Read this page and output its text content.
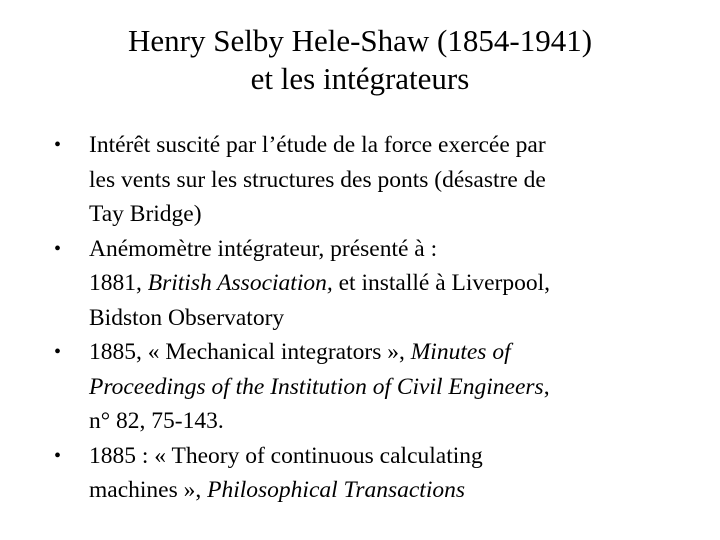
Henry Selby Hele-Shaw (1854-1941)
et les intégrateurs
• Intérêt suscité par l’étude de la force exercée par
les vents sur les structures des ponts (désastre de
Tay Bridge)
• Anémomètre intégrateur, présenté à :
1881, British Association, et installé à Liverpool,
Bidston Observatory
• 1885, « Mechanical integrators », Minutes of
Proceedings of the Institution of Civil Engineers,
n° 82, 75-143.
• 1885 : « Theory of continuous calculating
machines », Philosophical Transactions
